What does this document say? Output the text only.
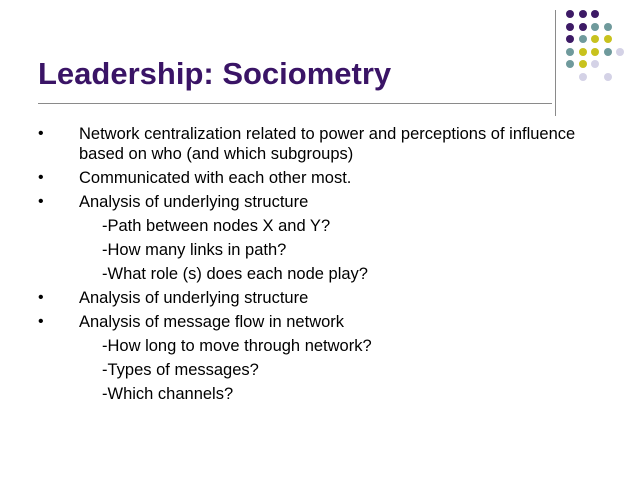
Leadership: Sociometry
•	Network centralization related to power and perceptions of influence based on who (and which subgroups)
•	Communicated with each other most.
•	Analysis of underlying structure
-Path between nodes X and Y?
-How many links in path?
-What role (s) does each node play?
•	Analysis of underlying structure
•	Analysis of message flow in network
-How long to move through network?
-Types of messages?
-Which channels?
